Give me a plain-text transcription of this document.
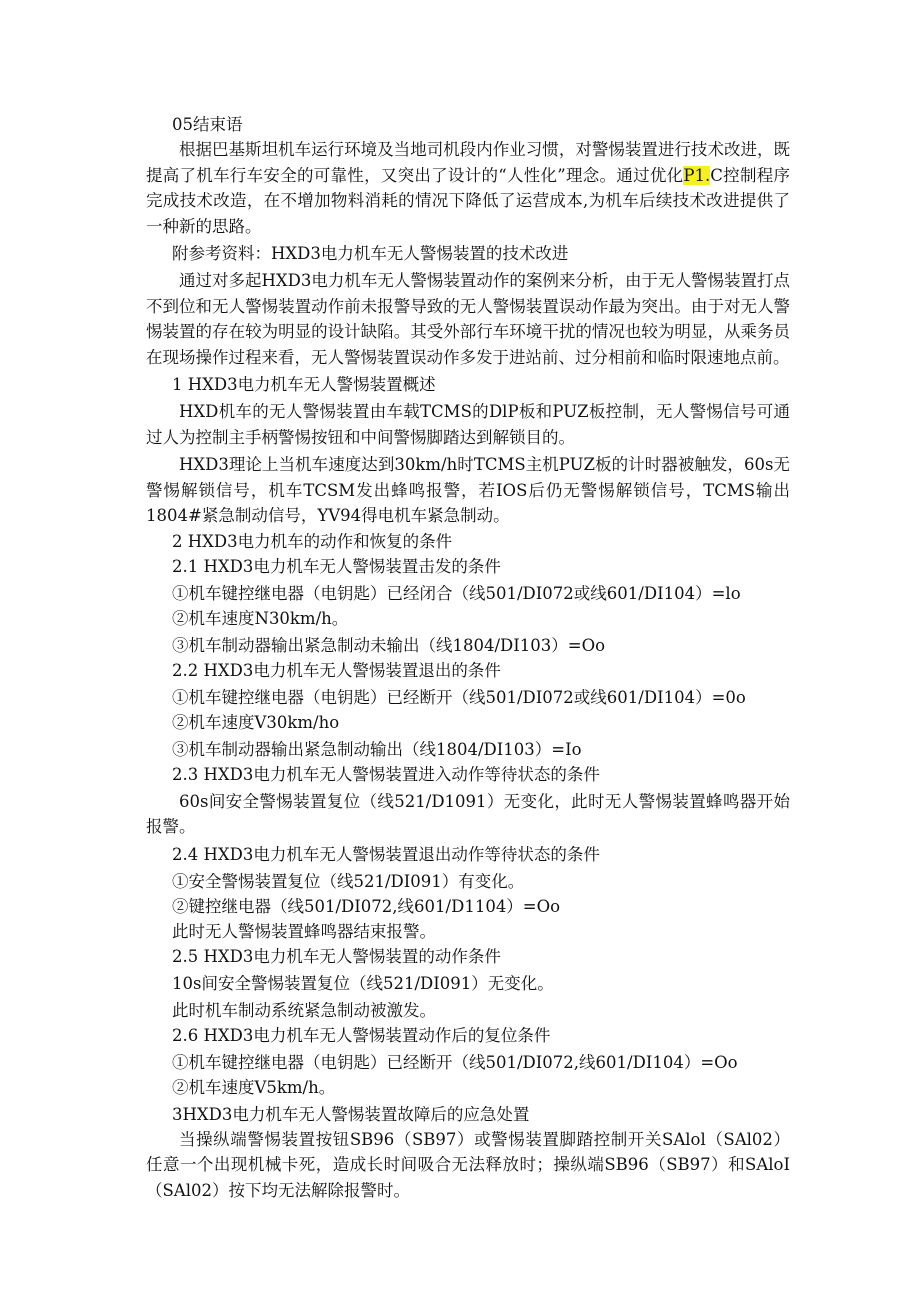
05结束语

根据巴基斯坦机车运行环境及当地司机段内作业习惯，对警惕装置进行技术改进，既提高了机车行车安全的可靠性，又突出了设计的“人性化”理念。通过优化P1.C控制程序完成技术改造，在不增加物料消耗的情况下降低了运营成本,为机车后续技术改进提供了一种新的思路。

附参考资料：HXD3电力机车无人警惕装置的技术改进

通过对多起HXD3电力机车无人警惕装置动作的案例来分析，由于无人警惕装置打点不到位和无人警惕装置动作前未报警导致的无人警惕装置误动作最为突出。由于对无人警惕装置的存在较为明显的设计缺陷。其受外部行车环境干扰的情况也较为明显，从乘务员在现场操作过程来看，无人警惕装置误动作多发于进站前、过分相前和临时限速地点前。

1 HXD3电力机车无人警惕装置概述

HXD机车的无人警惕装置由车载TCMS的DlP板和PUZ板控制，无人警惕信号可通过人为控制主手柄警惕按钮和中间警惕脚踏达到解锁目的。

HXD3理论上当机车速度达到30km/h时TCMS主机PUZ板的计时器被触发，60s无警惕解锁信号，机车TCSM发出蜂鸣报警，若IOS后仍无警惕解锁信号，TCMS输出1804#紧急制动信号，YV94得电机车紧急制动。

2 HXD3电力机车的动作和恢复的条件

2.1 HXD3电力机车无人警惕装置击发的条件

①机车键控继电器（电钥匙）已经闭合（线501/DI072或线601/DI104）=lo

②机车速度N30km/h。

③机车制动器输出紧急制动未输出（线1804/DI103）=Oo

2.2 HXD3电力机车无人警惕装置退出的条件

①机车键控继电器（电钥匙）已经断开（线501/DI072或线601/DI104）=0o

②机车速度V30km/ho

③机车制动器输出紧急制动输出（线1804/DI103）=Io

2.3 HXD3电力机车无人警惕装置进入动作等待状态的条件

60s间安全警惕装置复位（线521/D1091）无变化，此时无人警惕装置蜂鸣器开始报警。

2.4 HXD3电力机车无人警惕装置退出动作等待状态的条件

①安全警惕装置复位（线521/DI091）有变化。

②键控继电器（线501/DI072,线601/D1104）=Oo

此时无人警惕装置蜂鸣器结束报警。

2.5 HXD3电力机车无人警惕装置的动作条件

10s间安全警惕装置复位（线521/DI091）无变化。

此时机车制动系统紧急制动被激发。

2.6 HXD3电力机车无人警惕装置动作后的复位条件

①机车键控继电器（电钥匙）已经断开（线501/DI072,线601/DI104）=Oo

②机车速度V5km/h。

3HXD3电力机车无人警惕装置故障后的应急处置

当操纵端警惕装置按钮SB96（SB97）或警惕装置脚踏控制开关SAlol（SAl02）任意一个出现机械卡死，造成长时间吸合无法释放时；操纵端SB96（SB97）和SAloI（SAl02）按下均无法解除报警时。
